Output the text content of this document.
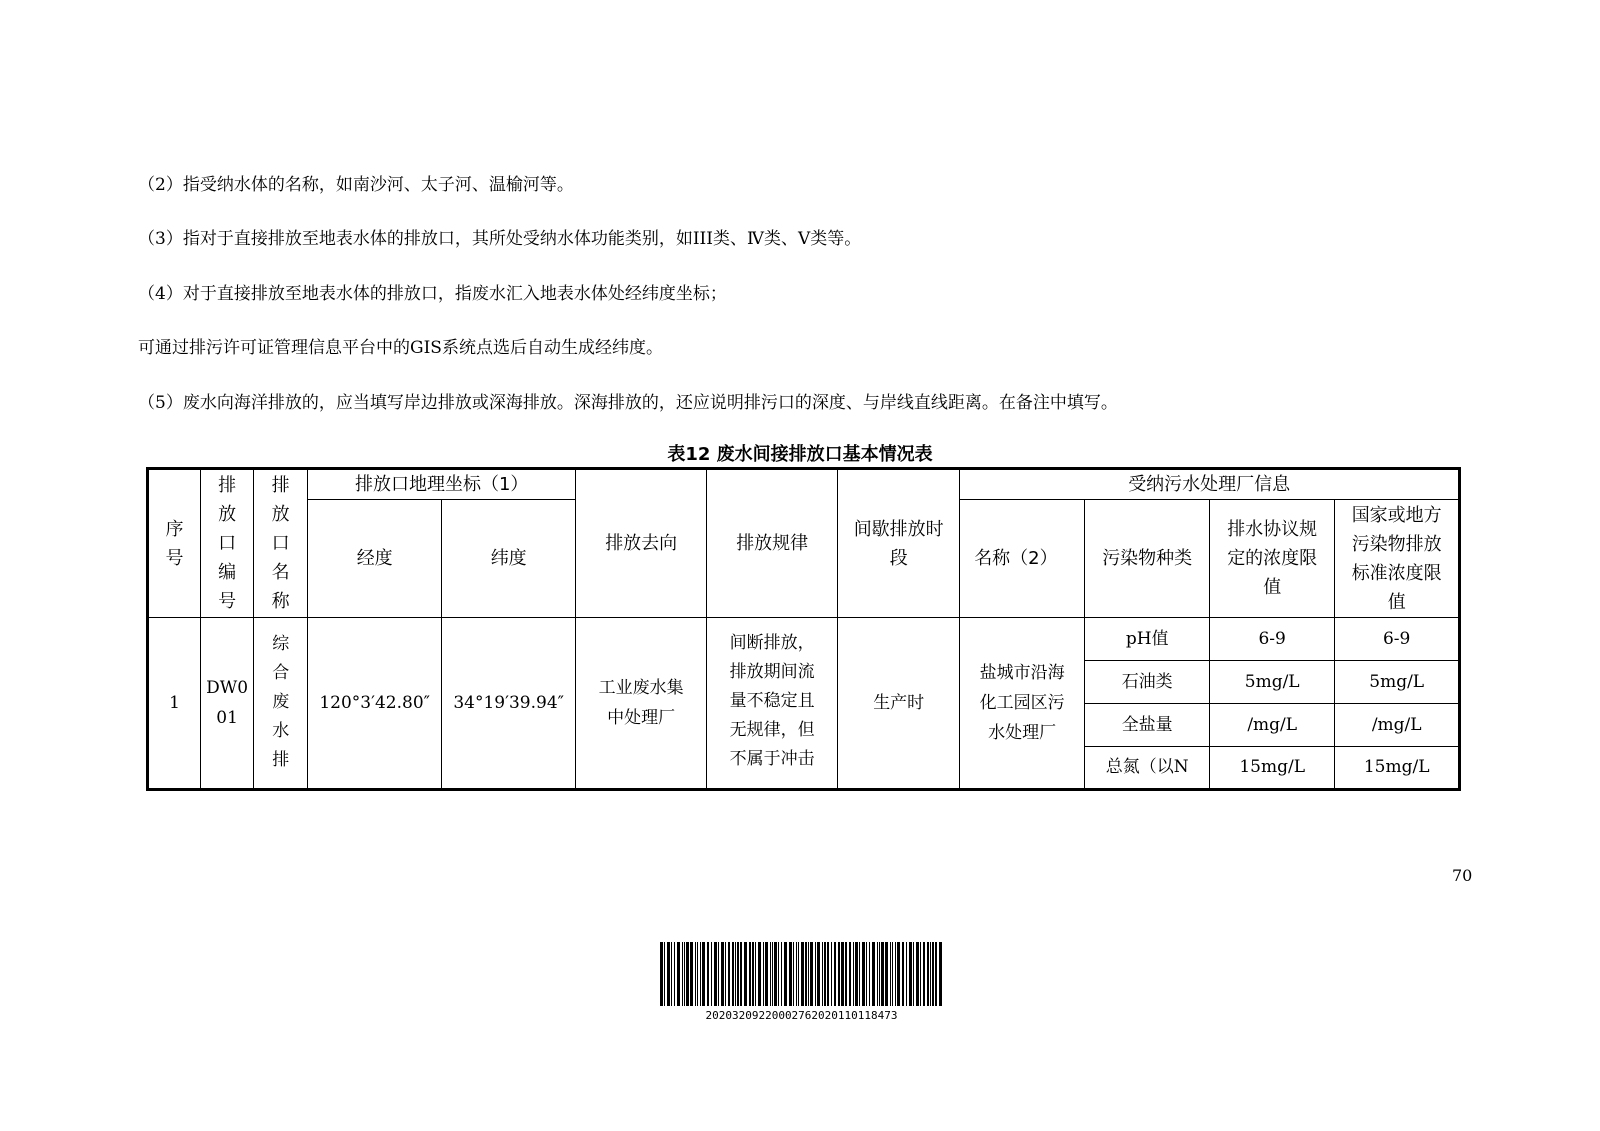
（2）指受纳水体的名称，如南沙河、太子河、温榆河等。
（3）指对于直接排放至地表水体的排放口，其所处受纳水体功能类别，如III类、Ⅳ类、Ⅴ类等。
（4）对于直接排放至地表水体的排放口，指废水汇入地表水体处经纬度坐标；
可通过排污许可证管理信息平台中的GIS系统点选后自动生成经纬度。
（5）废水向海洋排放的，应当填写岸边排放或深海排放。深海排放的，还应说明排污口的深度、与岸线直线距离。在备注中填写。
表12 废水间接排放口基本情况表
序号	排放口编号	排放口名称	排放口地理坐标（1）		排放去向	排放规律	间歇排放时段	受纳污水处理厂信息			
			经度	纬度				名称（2）	污染物种类	排水协议规定的浓度限值	国家或地方污染物排放标准浓度限值

1	DW001	综合废水排	120°3′42.80″	34°19′39.94″	工业废水集中处理厂	间断排放，排放期间流量不稳定且无规律，但不属于冲击	生产时	盐城市沿海化工园区污水处理厂	pH值	6-9	6-9
									石油类	5mg/L	5mg/L
									全盐量	/mg/L	/mg/L
									总氮（以N	15mg/L	15mg/L
70
20203209220002762020110118473
